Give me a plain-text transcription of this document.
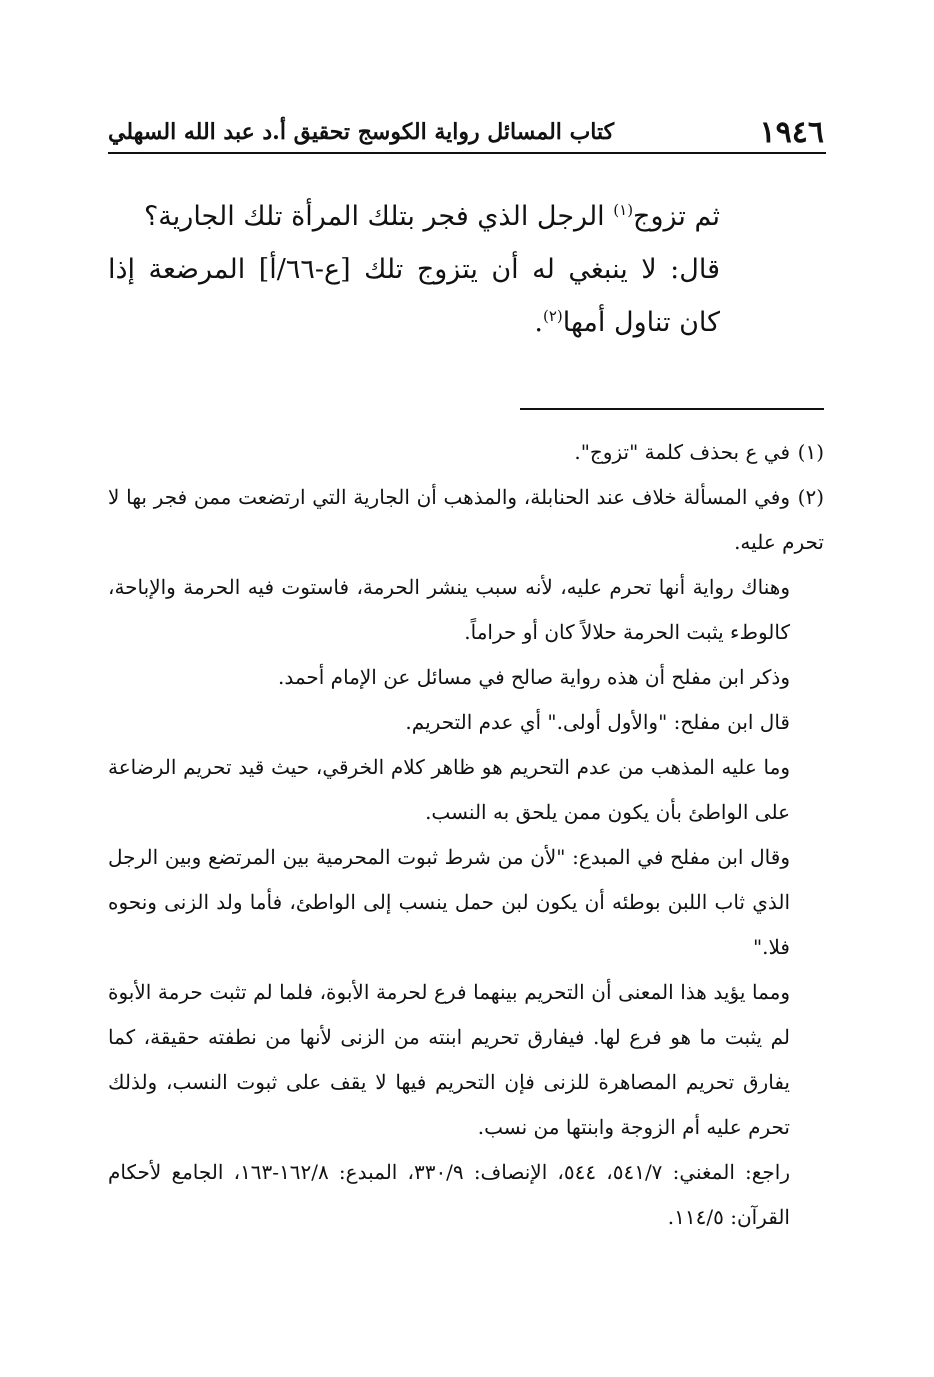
١٩٤٦
كتاب المسائل رواية الكوسج تحقيق أ.د عبد الله السهلي

ثم تزوج$^{(١)}$ الرجل الذي فجر بتلك المرأة تلك الجارية؟

قال: لا ينبغي له أن يتزوج تلك [ع-٦٦/أ] المرضعة إذا كان تناول أمها$^{(٢)}$.

(١)في ع بحذف كلمة "تزوج".

(٢)وفي المسألة خلاف عند الحنابلة، والمذهب أن الجارية التي ارتضعت ممن فجر بها لا تحرم عليه.

وهناك رواية أنها تحرم عليه، لأنه سبب ينشر الحرمة، فاستوت فيه الحرمة والإباحة، كالوطء يثبت الحرمة حلالاً كان أو حراماً.

وذكر ابن مفلح أن هذه رواية صالح في مسائل عن الإمام أحمد.

قال ابن مفلح: "والأول أولى." أي عدم التحريم.

وما عليه المذهب من عدم التحريم هو ظاهر كلام الخرقي، حيث قيد تحريم الرضاعة على الواطئ بأن يكون ممن يلحق به النسب.

وقال ابن مفلح في المبدع: "لأن من شرط ثبوت المحرمية بين المرتضع وبين الرجل الذي ثاب اللبن بوطئه أن يكون لبن حمل ينسب إلى الواطئ، فأما ولد الزنى ونحوه فلا."

ومما يؤيد هذا المعنى أن التحريم بينهما فرع لحرمة الأبوة، فلما لم تثبت حرمة الأبوة لم يثبت ما هو فرع لها. فيفارق تحريم ابنته من الزنى لأنها من نطفته حقيقة، كما يفارق تحريم المصاهرة للزنى فإن التحريم فيها لا يقف على ثبوت النسب، ولذلك تحرم عليه أم الزوجة وابنتها من نسب.

راجع: المغني: ٥٤١/٧، ٥٤٤، الإنصاف: ٣٣٠/٩، المبدع: ١٦٢/٨-١٦٣، الجامع لأحكام القرآن: ١١٤/٥.
